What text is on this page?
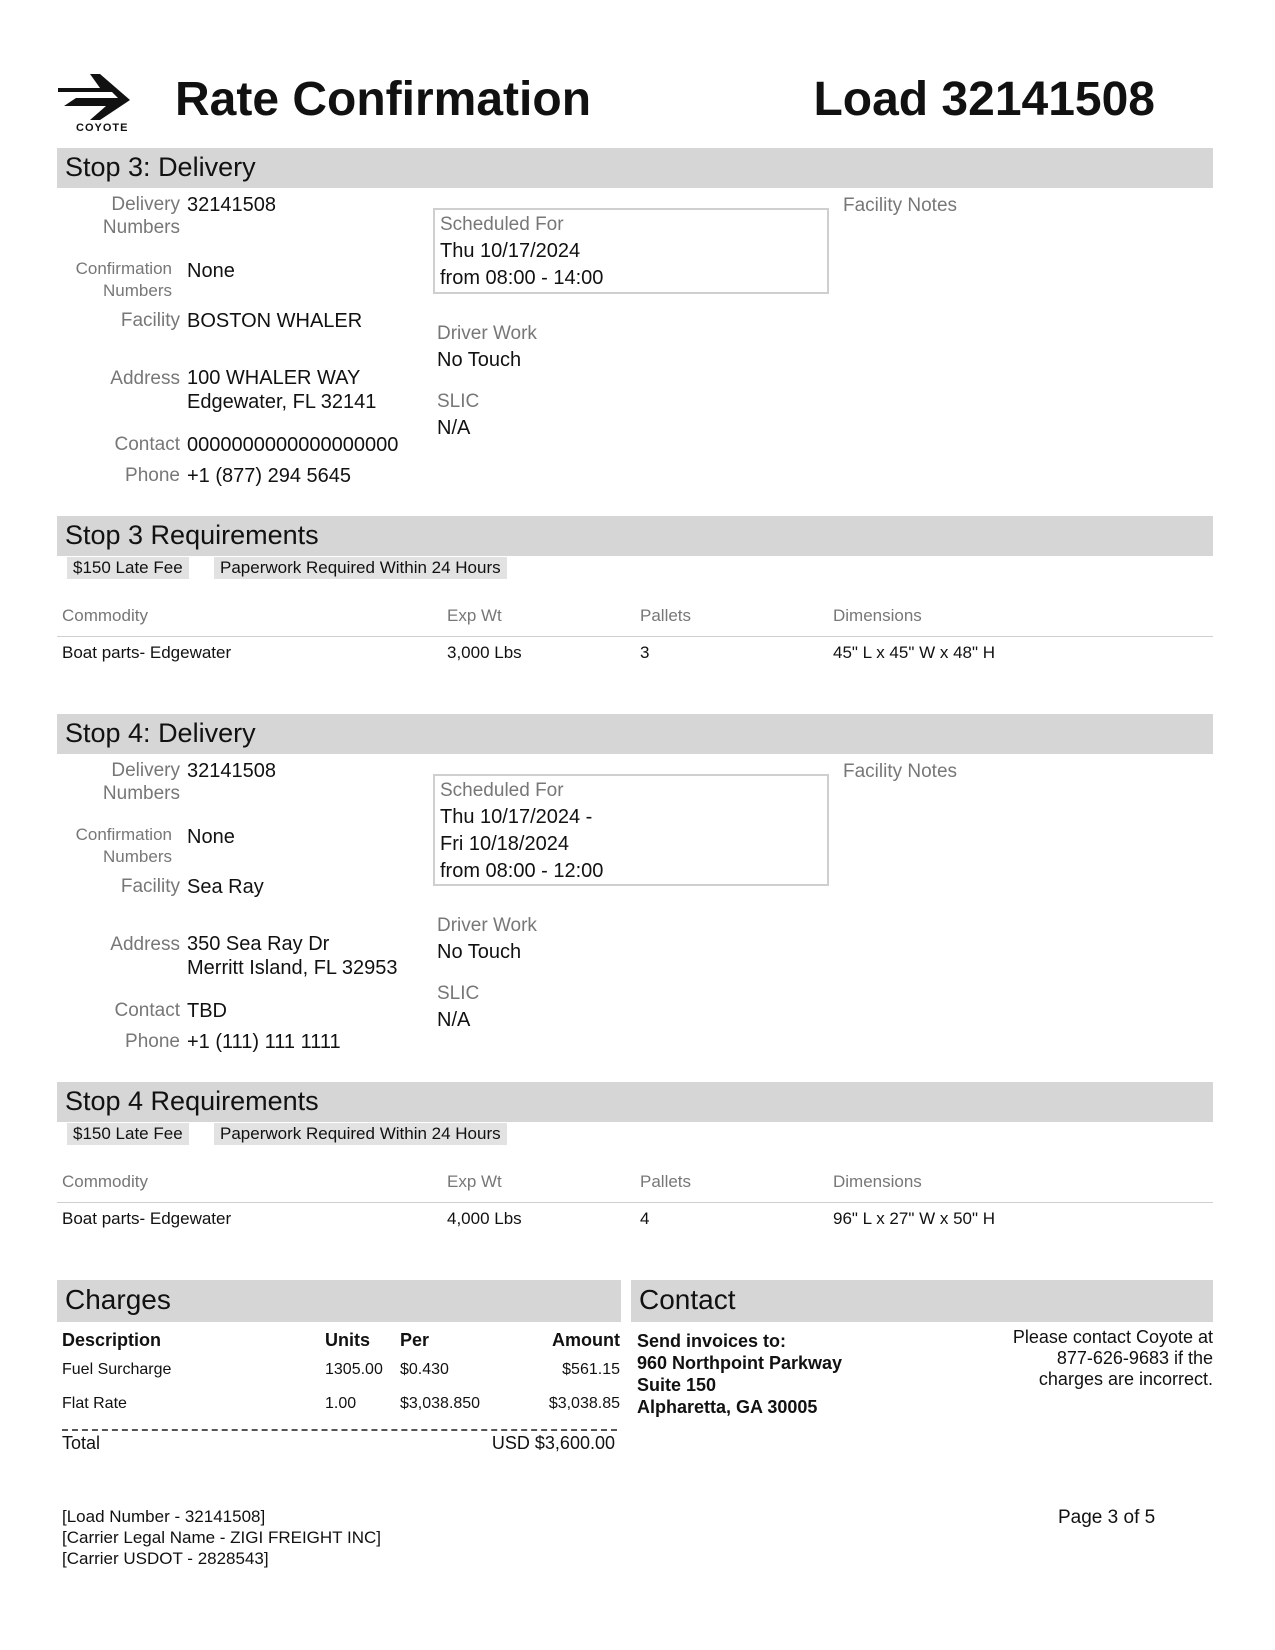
COYOTE
Rate Confirmation	Load 32141508
Stop 3: Delivery
Delivery
Numbers
32141508
Confirmation
Numbers
None
Facility BOSTON WHALER
Address 100 WHALER WAY
Edgewater, FL 32141
Contact 0000000000000000000
Phone +1 (877) 294 5645
Scheduled For
Thu 10/17/2024
from 08:00 - 14:00
Driver Work
No Touch
SLIC
N/A
Facility Notes
Stop 3 Requirements
$150 Late Fee	Paperwork Required Within 24 Hours
Commodity	Exp Wt	Pallets	Dimensions
Boat parts- Edgewater	3,000 Lbs	3	45" L x 45" W x 48" H
Stop 4: Delivery
Delivery
Numbers
32141508
Confirmation
Numbers
None
Facility Sea Ray
Address 350 Sea Ray Dr
Merritt Island, FL 32953
Contact TBD
Phone +1 (111) 111 1111
Scheduled For
Thu 10/17/2024 -
Fri 10/18/2024
from 08:00 - 12:00
Driver Work
No Touch
SLIC
N/A
Facility Notes
Stop 4 Requirements
$150 Late Fee	Paperwork Required Within 24 Hours
Commodity	Exp Wt	Pallets	Dimensions
Boat parts- Edgewater	4,000 Lbs	4	96" L x 27" W x 50" H
Charges
Description	Units Per	Amount
Fuel Surcharge	1305.00 $0.430	$561.15
Flat Rate	1.00	$3,038.850	$3,038.85
Total	USD $3,600.00
Contact
Send invoices to:
960 Northpoint Parkway
Suite 150
Alpharetta, GA 30005
Please contact Coyote at 877-626-9683 if the charges are incorrect.
[Load Number - 32141508]
[Carrier Legal Name - ZIGI FREIGHT INC]
[Carrier USDOT - 2828543]
Page 3 of 5
